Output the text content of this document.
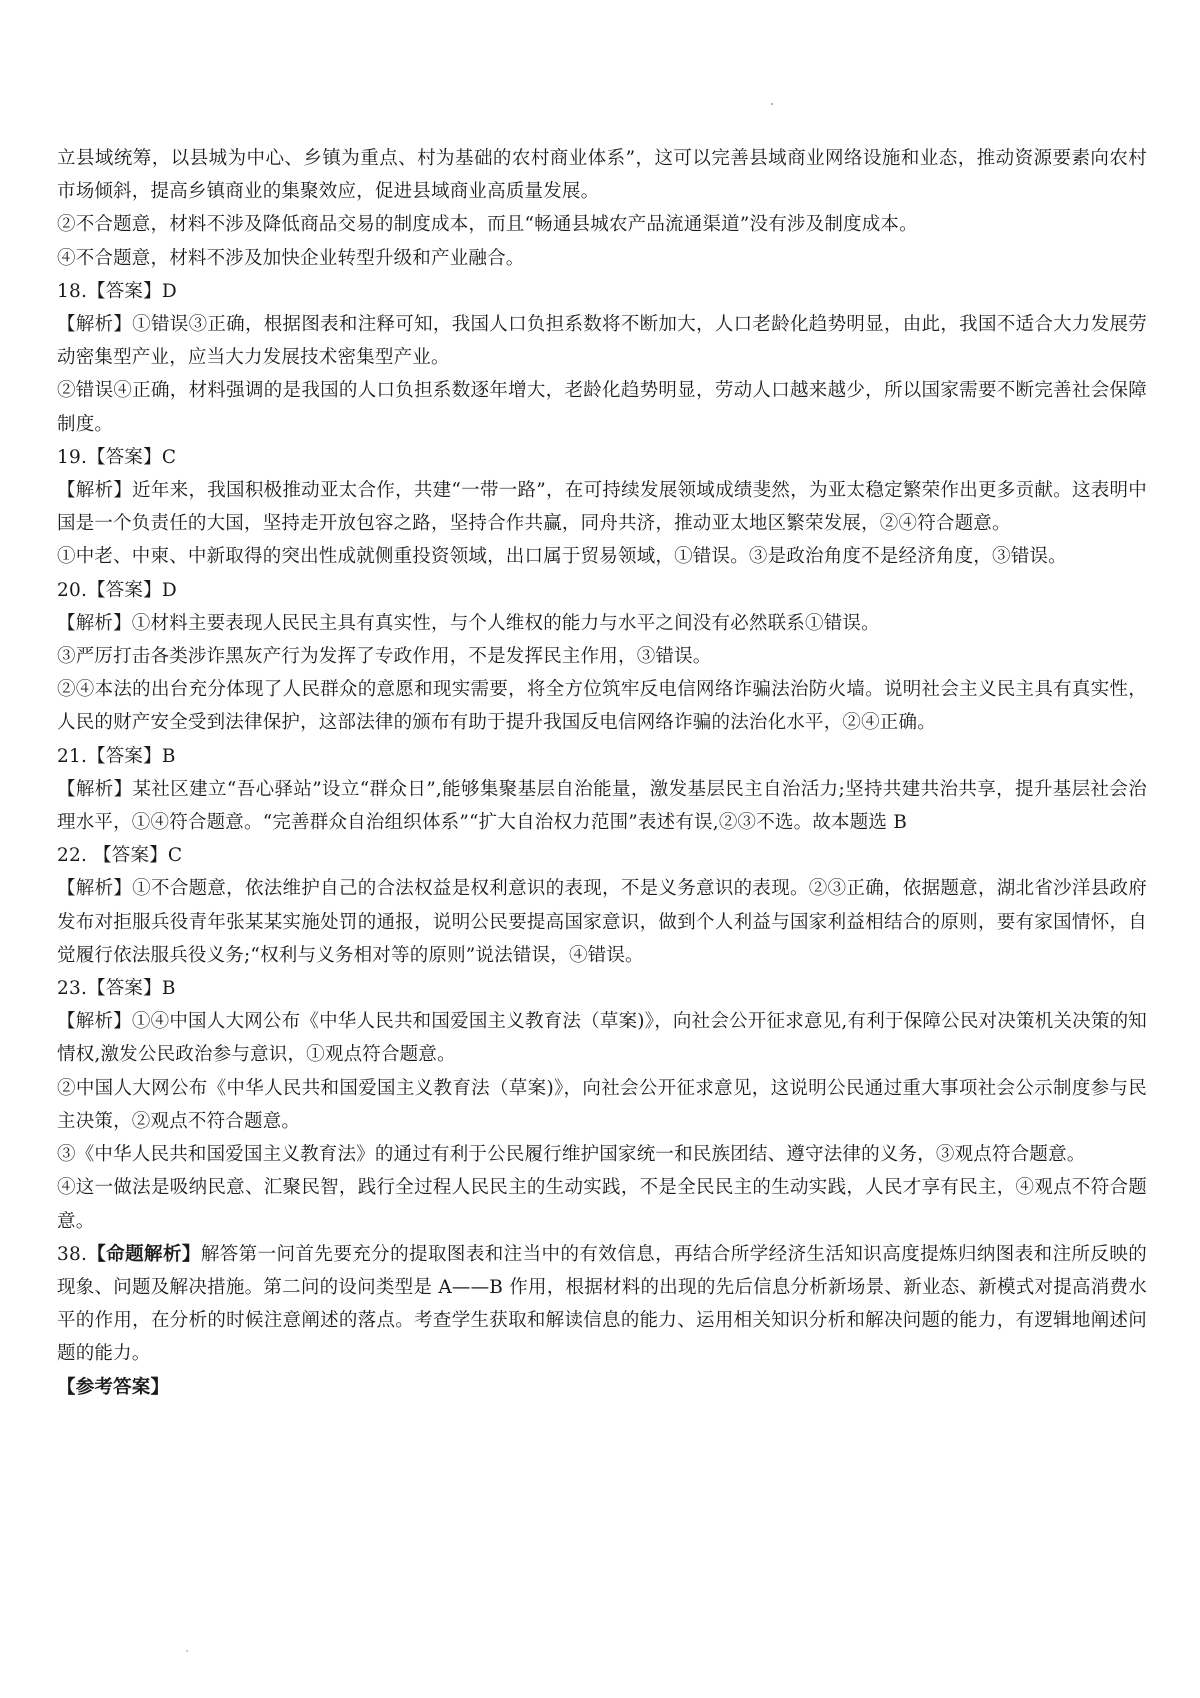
立县域统筹，以县城为中心、乡镇为重点、村为基础的农村商业体系”，这可以完善县域商业网络设施和业态，推动资源要素向农村市场倾斜，提高乡镇商业的集聚效应，促进县域商业高质量发展。

②不合题意，材料不涉及降低商品交易的制度成本，而且“畅通县城农产品流通渠道”没有涉及制度成本。

④不合题意，材料不涉及加快企业转型升级和产业融合。

18.【答案】D

【解析】①错误③正确，根据图表和注释可知，我国人口负担系数将不断加大，人口老龄化趋势明显，由此，我国不适合大力发展劳动密集型产业，应当大力发展技术密集型产业。

②错误④正确，材料强调的是我国的人口负担系数逐年增大，老龄化趋势明显，劳动人口越来越少，所以国家需要不断完善社会保障制度。

19.【答案】C

【解析】近年来，我国积极推动亚太合作，共建“一带一路”，在可持续发展领域成绩斐然，为亚太稳定繁荣作出更多贡献。这表明中国是一个负责任的大国，坚持走开放包容之路，坚持合作共赢，同舟共济，推动亚太地区繁荣发展，②④符合题意。

①中老、中柬、中新取得的突出性成就侧重投资领域，出口属于贸易领域，①错误。③是政治角度不是经济角度，③错误。

20.【答案】D

【解析】①材料主要表现人民民主具有真实性，与个人维权的能力与水平之间没有必然联系①错误。

③严厉打击各类涉诈黑灰产行为发挥了专政作用，不是发挥民主作用，③错误。

②④本法的出台充分体现了人民群众的意愿和现实需要，将全方位筑牢反电信网络诈骗法治防火墙。说明社会主义民主具有真实性，人民的财产安全受到法律保护，这部法律的颁布有助于提升我国反电信网络诈骗的法治化水平，②④正确。

21.【答案】B

【解析】某社区建立“吾心驿站”设立“群众日”,能够集聚基层自治能量，激发基层民主自治活力;坚持共建共治共享，提升基层社会治理水平，①④符合题意。“完善群众自治组织体系”“扩大自治权力范围”表述有误,②③不选。故本题选 B

22. 【答案】C

【解析】①不合题意，依法维护自己的合法权益是权利意识的表现，不是义务意识的表现。②③正确，依据题意，湖北省沙洋县政府发布对拒服兵役青年张某某实施处罚的通报，说明公民要提高国家意识，做到个人利益与国家利益相结合的原则，要有家国情怀，自觉履行依法服兵役义务;“权利与义务相对等的原则”说法错误，④错误。

23.【答案】B

【解析】①④中国人大网公布《中华人民共和国爱国主义教育法（草案)》，向社会公开征求意见,有利于保障公民对决策机关决策的知情权,激发公民政治参与意识，①观点符合题意。

②中国人大网公布《中华人民共和国爱国主义教育法（草案)》，向社会公开征求意见，这说明公民通过重大事项社会公示制度参与民主决策，②观点不符合题意。

③《中华人民共和国爱国主义教育法》的通过有利于公民履行维护国家统一和民族团结、遵守法律的义务，③观点符合题意。

④这一做法是吸纳民意、汇聚民智，践行全过程人民民主的生动实践，不是全民民主的生动实践，人民才享有民主，④观点不符合题意。

38.【命题解析】解答第一问首先要充分的提取图表和注当中的有效信息，再结合所学经济生活知识高度提炼归纳图表和注所反映的现象、问题及解决措施。第二问的设问类型是 A——B 作用，根据材料的出现的先后信息分析新场景、新业态、新模式对提高消费水平的作用，在分析的时候注意阐述的落点。考查学生获取和解读信息的能力、运用相关知识分析和解决问题的能力，有逻辑地阐述问题的能力。

【参考答案】
